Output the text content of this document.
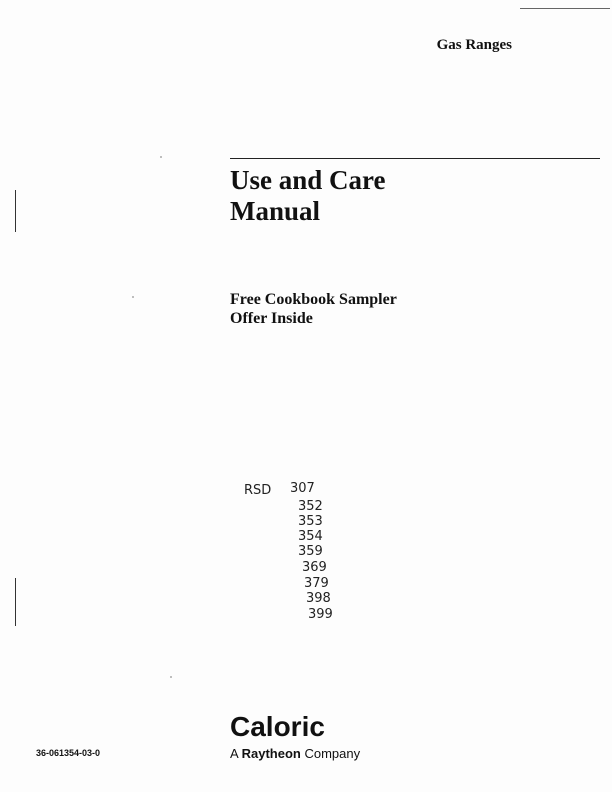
Gas Ranges
Use and Care
Manual
Free Cookbook Sampler
Offer Inside
RSD 307
352
353
354
359
369
379
398
399
Caloric
A Raytheon Company
36-061354-03-0
